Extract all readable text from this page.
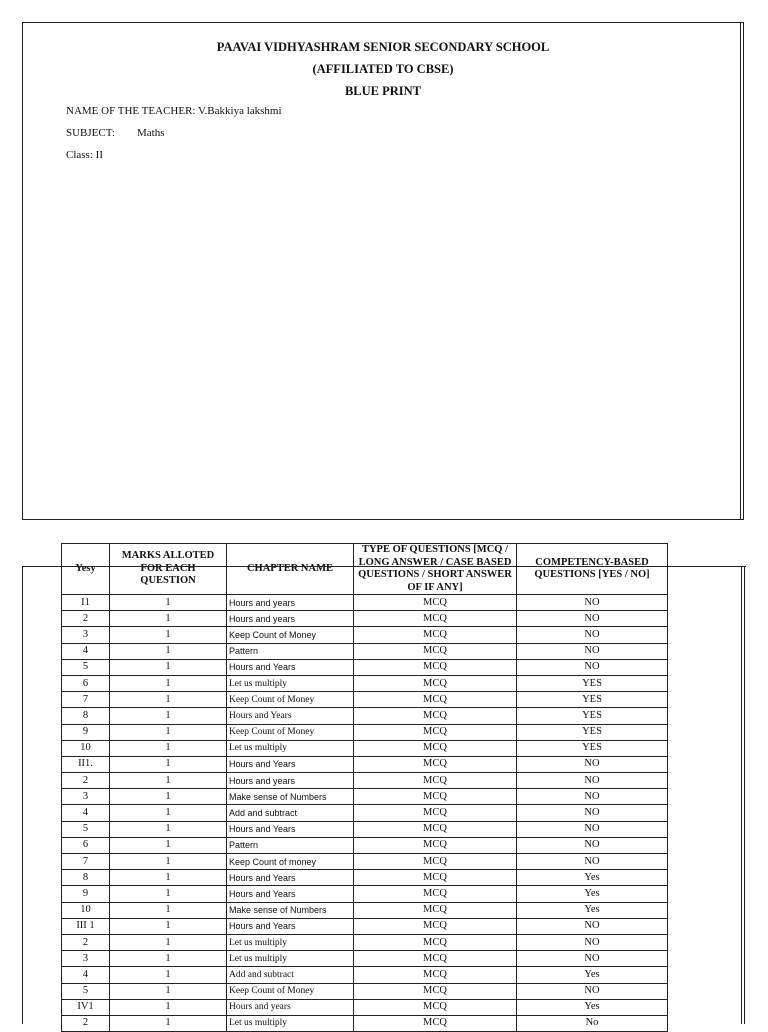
PAAVAI VIDHYASHRAM SENIOR SECONDARY SCHOOL
(AFFILIATED TO CBSE)
BLUE PRINT
NAME OF THE TEACHER: V.Bakkiya lakshmi
SUBJECT: Maths
Class: II
Yesy	MARKS ALLOTED FOR EACH QUESTION	CHAPTER NAME	TYPE OF QUESTIONS [MCQ / LONG ANSWER / CASE BASED QUESTIONS / SHORT ANSWER OF IF ANY]	COMPETENCY-BASED QUESTIONS [YES / NO]
I1	1	Hours and years	MCQ	NO
2	1	Hours and years	MCQ	NO
3	1	Keep Count of Money	MCQ	NO
4	1	Pattern	MCQ	NO
5	1	Hours and Years	MCQ	NO
6	1	Let us multiply	MCQ	YES
7	1	Keep Count of Money	MCQ	YES
8	1	Hours and Years	MCQ	YES
9	1	Keep Count of Money	MCQ	YES
10	1	Let us multiply	MCQ	YES
II1.	1	Hours and Years	MCQ	NO
2	1	Hours and years	MCQ	NO
3	1	Make sense of Numbers	MCQ	NO
4	1	Add and subtract	MCQ	NO
5	1	Hours and Years	MCQ	NO
6	1	Pattern	MCQ	NO
7	1	Keep Count of money	MCQ	NO
8	1	Hours and Years	MCQ	Yes
9	1	Hours and Years	MCQ	Yes
10	1	Make sense of Numbers	MCQ	Yes
III 1	1	Hours and Years	MCQ	NO
2	1	Let us multiply	MCQ	NO
3	1	Let us multiply	MCQ	NO
4	1	Add and subtract	MCQ	Yes
5	1	Keep Count of Money	MCQ	NO
IV1	1	Hours and years	MCQ	Yes
2	1	Let us multiply	MCQ	No
